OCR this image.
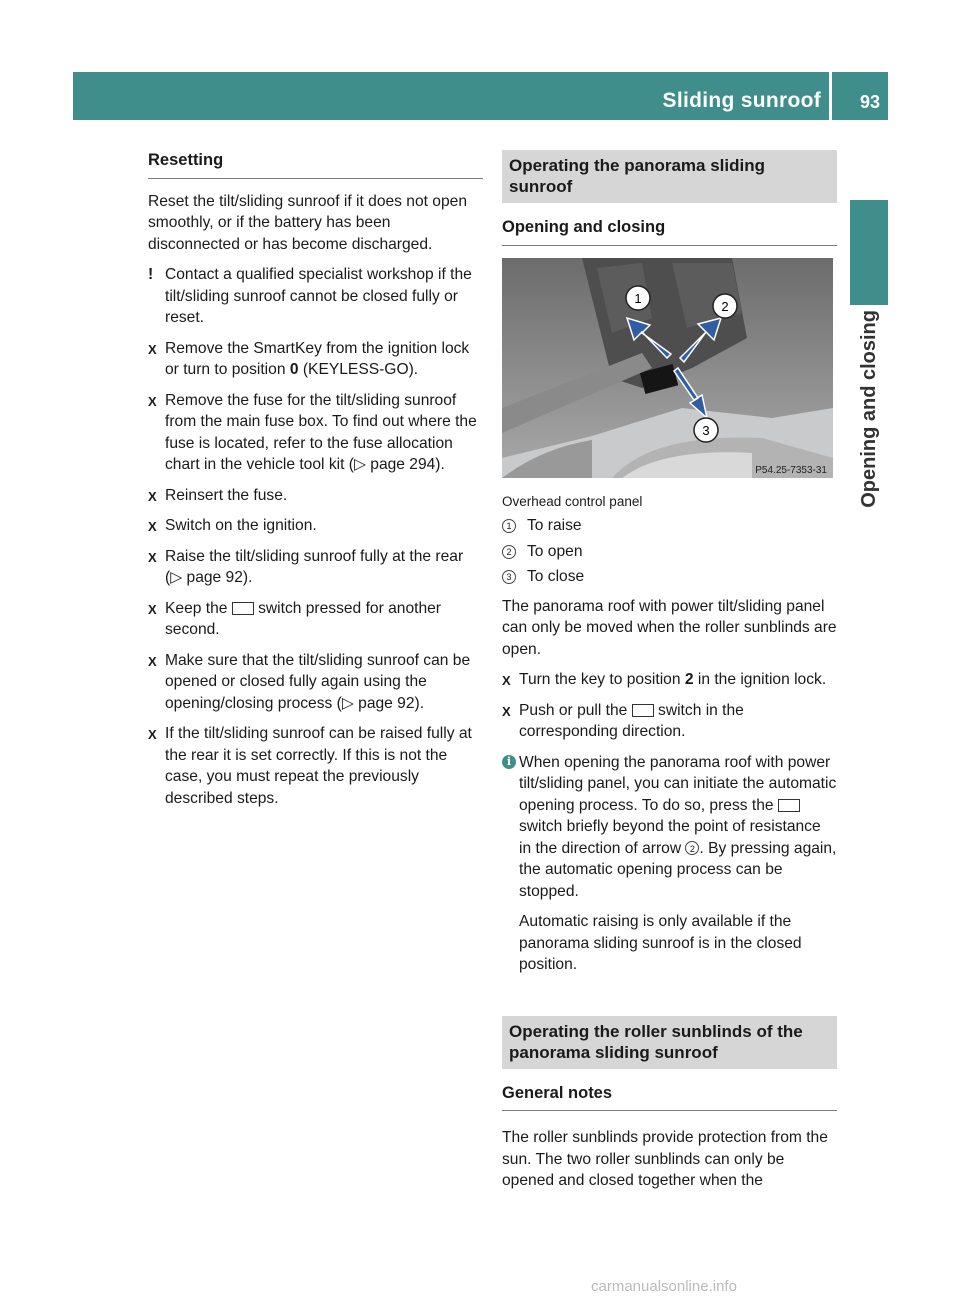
Sliding sunroof 93
Opening and closing
Resetting

Reset the tilt/sliding sunroof if it does not open smoothly, or if the battery has been disconnected or has become discharged.

! Contact a qualified specialist workshop if the tilt/sliding sunroof cannot be closed fully or reset.
X Remove the SmartKey from the ignition lock or turn to position 0 (KEYLESS-GO).
X Remove the fuse for the tilt/sliding sunroof from the main fuse box. To find out where the fuse is located, refer to the fuse allocation chart in the vehicle tool kit (▷ page 294).
X Reinsert the fuse.
X Switch on the ignition.
X Raise the tilt/sliding sunroof fully at the rear (▷ page 92).
X Keep the  switch pressed for another second.
X Make sure that the tilt/sliding sunroof can be opened or closed fully again using the opening/closing process (▷ page 92).
X If the tilt/sliding sunroof can be raised fully at the rear it is set correctly. If this is not the case, you must repeat the previously described steps.
Operating the panorama sliding sunroof
Opening and closing
1
2
3
P54.25-7353-31
Overhead control panel
1 To raise
2 To open
3 To close

The panorama roof with power tilt/sliding panel can only be moved when the roller sunblinds are open.

X Turn the key to position 2 in the ignition lock.
X Push or pull the  switch in the corresponding direction.
i When opening the panorama roof with power tilt/sliding panel, you can initiate the automatic opening process. To do so, press the  switch briefly beyond the point of resistance in the direction of arrow 2 . By pressing again, the automatic opening process can be stopped.

Automatic raising is only available if the panorama sliding sunroof is in the closed position.

Operating the roller sunblinds of the panorama sliding sunroof
General notes

The roller sunblinds provide protection from the sun. The two roller sunblinds can only be opened and closed together when the

carmanualsonline.info
